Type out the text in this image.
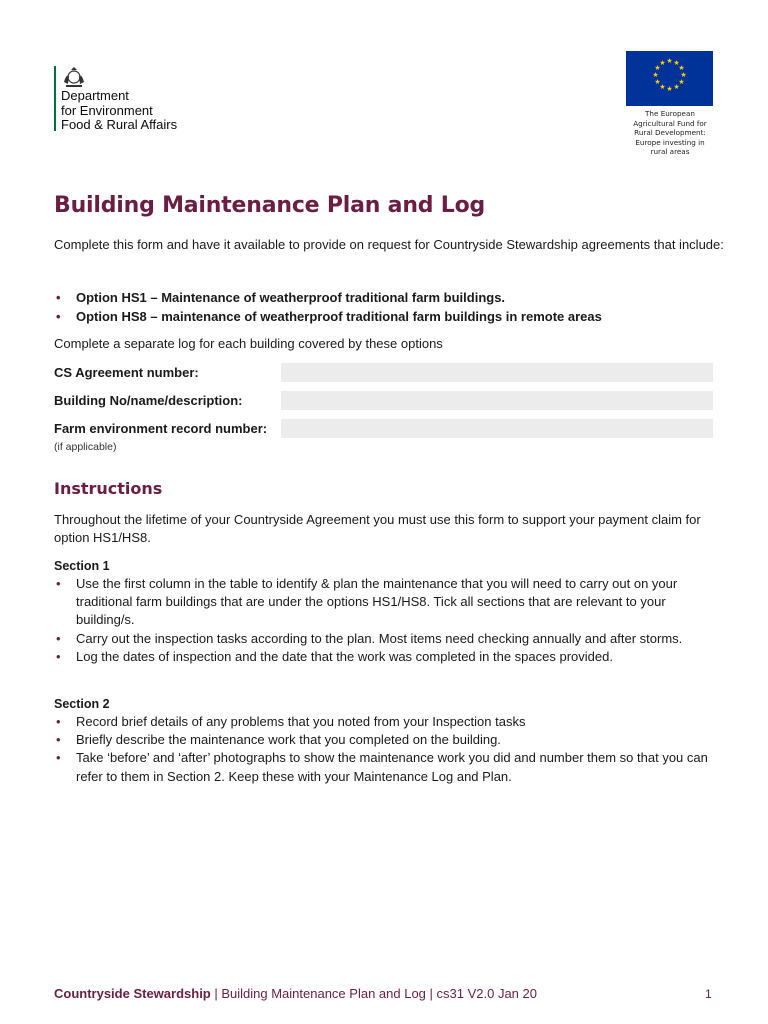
Department
for Environment
Food & Rural Affairs
★ ★
★
★
★
★
★
★
★
★
★
★
The European
Agricultural Fund for
Rural Development:
Europe investing in
rural areas
Building Maintenance Plan and Log

Complete this form and have it available to provide on request for Countryside Stewardship agreements that include:

• Option HS1 – Maintenance of weatherproof traditional farm buildings.
• Option HS8 – maintenance of weatherproof traditional farm buildings in remote areas

Complete a separate log for each building covered by these options

CS Agreement number:
Building No/name/description:
Farm environment record number:
(if applicable)
Instructions

Throughout the lifetime of your Countryside Agreement you must use this form to support your payment claim for option HS1/HS8.

Section 1
• Use the first column in the table to identify & plan the maintenance that you will need to carry out on your traditional farm buildings that are under the options HS1/HS8. Tick all sections that are relevant to your building/s.
• Carry out the inspection tasks according to the plan. Most items need checking annually and after storms.
• Log the dates of inspection and the date that the work was completed in the spaces provided.
Section 2
• Record brief details of any problems that you noted from your Inspection tasks
• Briefly describe the maintenance work that you completed on the building.
• Take ‘before’ and ‘after’ photographs to show the maintenance work you did and number them so that you can refer to them in Section 2. Keep these with your Maintenance Log and Plan.
Countryside Stewardship | Building Maintenance Plan and Log | cs31 V2.0 Jan 20	1
